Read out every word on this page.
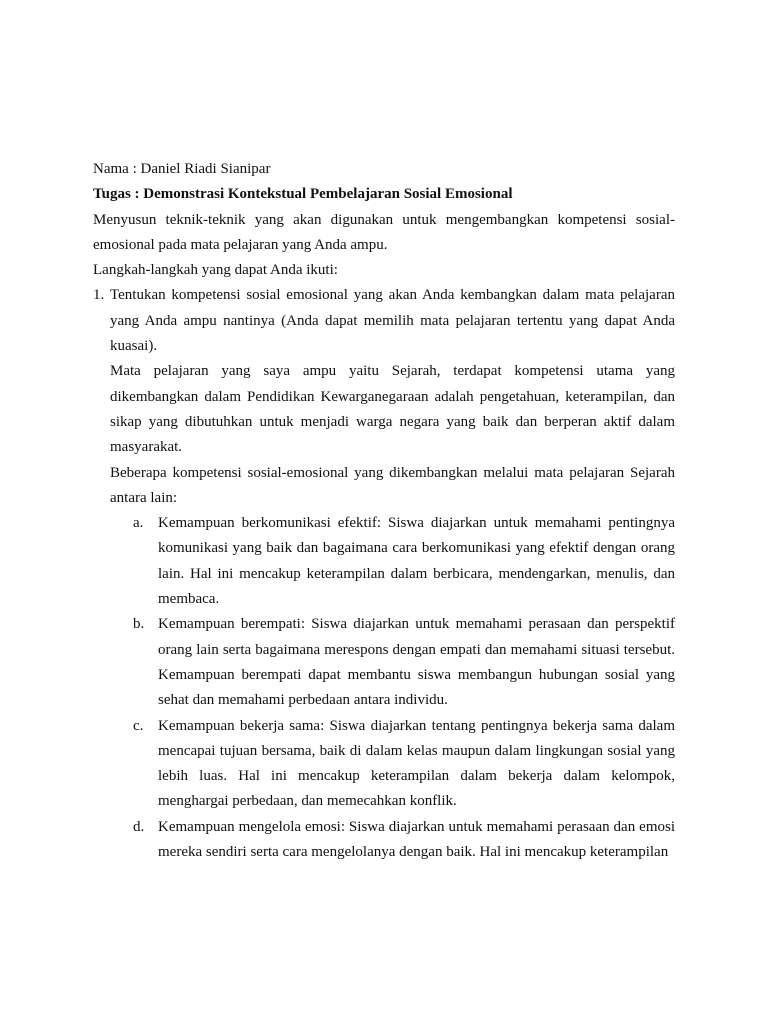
Nama : Daniel Riadi Sianipar

Tugas : Demonstrasi Kontekstual Pembelajaran Sosial Emosional

Menyusun teknik-teknik yang akan digunakan untuk mengembangkan kompetensi sosial-emosional pada mata pelajaran yang Anda ampu.

Langkah-langkah yang dapat Anda ikuti:

1. Tentukan kompetensi sosial emosional yang akan Anda kembangkan dalam mata pelajaran yang Anda ampu nantinya (Anda dapat memilih mata pelajaran tertentu yang dapat Anda kuasai).

Mata pelajaran yang saya ampu yaitu Sejarah, terdapat kompetensi utama yang dikembangkan dalam Pendidikan Kewarganegaraan adalah pengetahuan, keterampilan, dan sikap yang dibutuhkan untuk menjadi warga negara yang baik dan berperan aktif dalam masyarakat.

Beberapa kompetensi sosial-emosional yang dikembangkan melalui mata pelajaran Sejarah antara lain:

a. Kemampuan berkomunikasi efektif: Siswa diajarkan untuk memahami pentingnya komunikasi yang baik dan bagaimana cara berkomunikasi yang efektif dengan orang lain. Hal ini mencakup keterampilan dalam berbicara, mendengarkan, menulis, dan membaca.

b. Kemampuan berempati: Siswa diajarkan untuk memahami perasaan dan perspektif orang lain serta bagaimana merespons dengan empati dan memahami situasi tersebut. Kemampuan berempati dapat membantu siswa membangun hubungan sosial yang sehat dan memahami perbedaan antara individu.

c. Kemampuan bekerja sama: Siswa diajarkan tentang pentingnya bekerja sama dalam mencapai tujuan bersama, baik di dalam kelas maupun dalam lingkungan sosial yang lebih luas. Hal ini mencakup keterampilan dalam bekerja dalam kelompok, menghargai perbedaan, dan memecahkan konflik.

d. Kemampuan mengelola emosi: Siswa diajarkan untuk memahami perasaan dan emosi mereka sendiri serta cara mengelolanya dengan baik. Hal ini mencakup keterampilan
